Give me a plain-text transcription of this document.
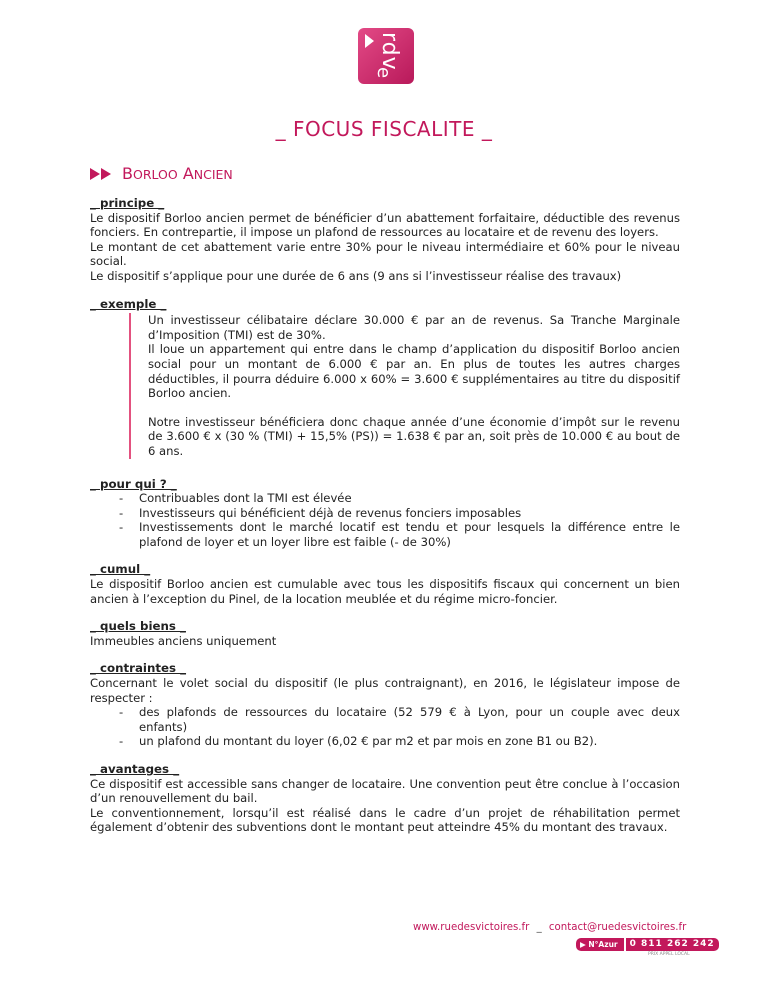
rdv
e
_ FOCUS FISCALITE _
BORLOO ANCIEN
_ principe _

Le dispositif Borloo ancien permet de bénéficier d’un abattement forfaitaire, déductible des revenus fonciers. En contrepartie, il impose un plafond de ressources au locataire et de revenu des loyers.

Le montant de cet abattement varie entre 30% pour le niveau intermédiaire et 60% pour le niveau social.

Le dispositif s’applique pour une durée de 6 ans (9 ans si l’investisseur réalise des travaux)

_ exemple _

Un investisseur célibataire déclare 30.000 € par an de revenus. Sa Tranche Marginale d’Imposition (TMI) est de 30%.

Il loue un appartement qui entre dans le champ d’application du dispositif Borloo ancien social pour un montant de 6.000 € par an. En plus de toutes les autres charges déductibles, il pourra déduire 6.000 x 60% = 3.600 € supplémentaires au titre du dispositif Borloo ancien.

Notre investisseur bénéficiera donc chaque année d’une économie d’impôt sur le revenu de 3.600 € x (30 % (TMI) + 15,5% (PS)) = 1.638 € par an, soit près de 10.000 € au bout de 6 ans.

_ pour qui ? _
- Contribuables dont la TMI est élevée
- Investisseurs qui bénéficient déjà de revenus fonciers imposables
- Investissements dont le marché locatif est tendu et pour lesquels la différence entre le plafond de loyer et un loyer libre est faible (- de 30%)
_ cumul _

Le dispositif Borloo ancien est cumulable avec tous les dispositifs fiscaux qui concernent un bien ancien à l’exception du Pinel, de la location meublée et du régime micro-foncier.

_ quels biens _

Immeubles anciens uniquement

_ contraintes _

Concernant le volet social du dispositif (le plus contraignant), en 2016, le législateur impose de respecter :

- des plafonds de ressources du locataire (52 579 € à Lyon, pour un couple avec deux enfants)
- un plafond du montant du loyer (6,02 € par m2 et par mois en zone B1 ou B2).
_ avantages _

Ce dispositif est accessible sans changer de locataire. Une convention peut être conclue à l’occasion d’un renouvellement du bail.

Le conventionnement, lorsqu’il est réalisé dans le cadre d’un projet de réhabilitation permet également d’obtenir des subventions dont le montant peut atteindre 45% du montant des travaux.

www.ruedesvictoires.fr _ contact@ruedesvictoires.fr
▶ N°Azur	0 811 262 242
PRIX APPEL LOCAL
